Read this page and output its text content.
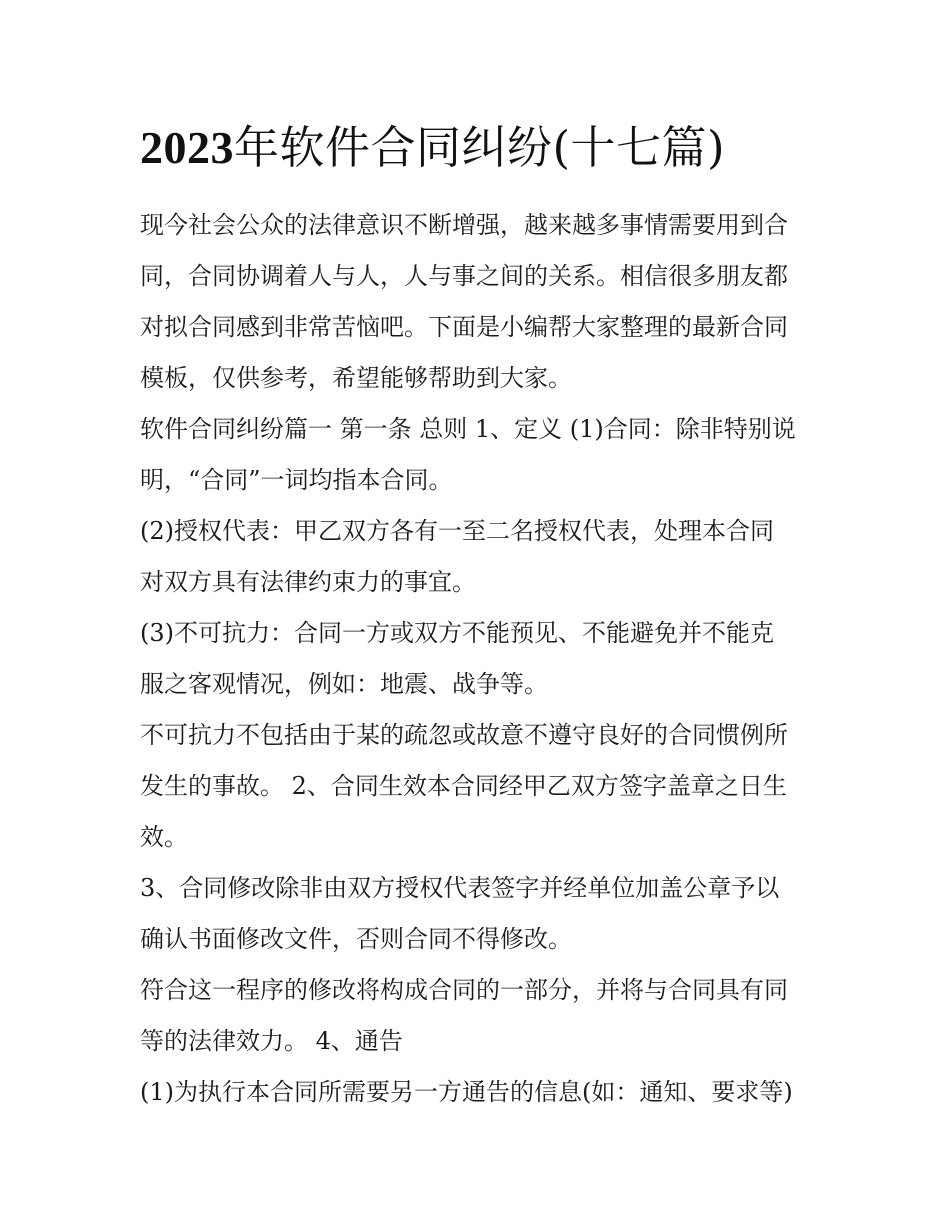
2023年软件合同纠纷(十七篇)
现今社会公众的法律意识不断增强，越来越多事情需要用到合
同，合同协调着人与人，人与事之间的关系。相信很多朋友都
对拟合同感到非常苦恼吧。下面是小编帮大家整理的最新合同
模板，仅供参考，希望能够帮助到大家。
软件合同纠纷篇一 第一条 总则 1、定义 (1)合同：除非特别说
明，“合同”一词均指本合同。
(2)授权代表：甲乙双方各有一至二名授权代表，处理本合同
对双方具有法律约束力的事宜。
(3)不可抗力：合同一方或双方不能预见、不能避免并不能克
服之客观情况，例如：地震、战争等。
不可抗力不包括由于某的疏忽或故意不遵守良好的合同惯例所
发生的事故。 2、合同生效本合同经甲乙双方签字盖章之日生
效。
3、合同修改除非由双方授权代表签字并经单位加盖公章予以
确认书面修改文件，否则合同不得修改。
符合这一程序的修改将构成合同的一部分，并将与合同具有同
等的法律效力。 4、通告
(1)为执行本合同所需要另一方通告的信息(如：通知、要求等)
